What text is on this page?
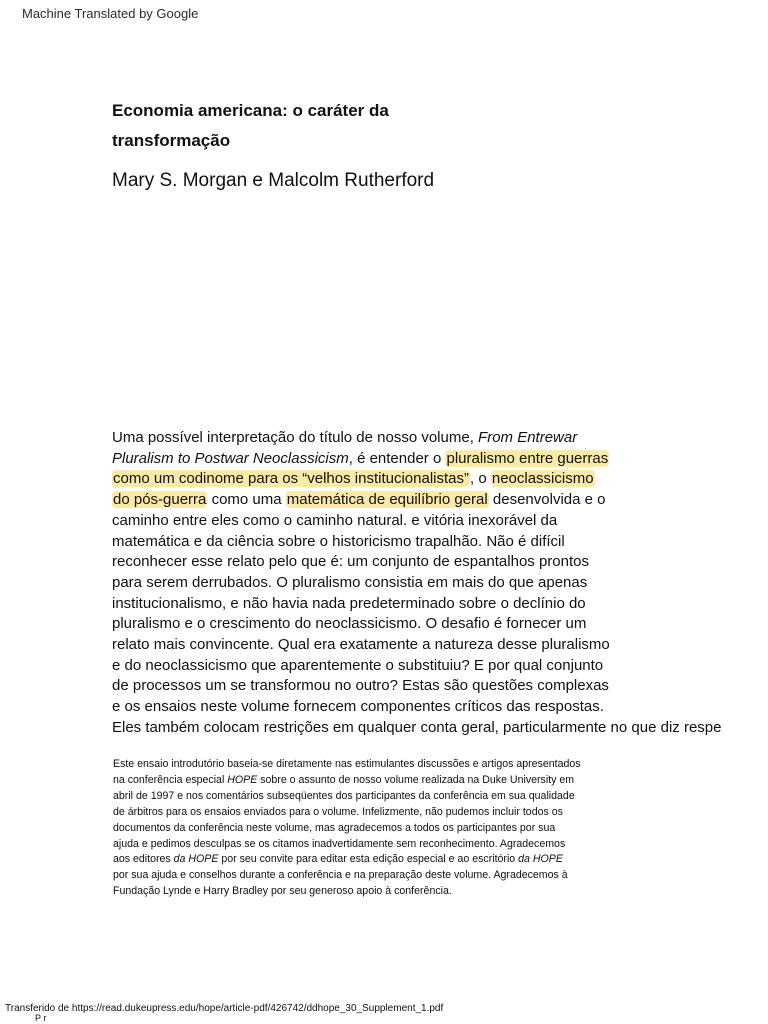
Machine Translated by Google
Economia americana: o caráter da
transformação
Mary S. Morgan e Malcolm Rutherford
Uma possível interpretação do título de nosso volume, From Entrewar
Pluralism to Postwar Neoclassicism, é entender o pluralismo entre guerras
como um codinome para os “velhos institucionalistas”, o neoclassicismo
do pós-guerra como uma matemática de equilíbrio geral desenvolvida e o
caminho entre eles como o caminho natural. e vitória inexorável da
matemática e da ciência sobre o historicismo trapalhão. Não é difícil
reconhecer esse relato pelo que é: um conjunto de espantalhos prontos
para serem derrubados. O pluralismo consistia em mais do que apenas
institucionalismo, e não havia nada predeterminado sobre o declínio do
pluralismo e o crescimento do neoclassicismo. O desafio é fornecer um
relato mais convincente. Qual era exatamente a natureza desse pluralismo
e do neoclassicismo que aparentemente o substituiu? E por qual conjunto
de processos um se transformou no outro? Estas são questões complexas
e os ensaios neste volume fornecem componentes críticos das respostas.
Eles também colocam restrições em qualquer conta geral, particularmente no que diz respe
Este ensaio introdutório baseia-se diretamente nas estimulantes discussões e artigos apresentados
na conferência especial HOPE sobre o assunto de nosso volume realizada na Duke University em
abril de 1997 e nos comentários subseqüentes dos participantes da conferência em sua qualidade
de árbitros para os ensaios enviados para o volume. Infelizmente, não pudemos incluir todos os
documentos da conferência neste volume, mas agradecemos a todos os participantes por sua
ajuda e pedimos desculpas se os citamos inadvertidamente sem reconhecimento. Agradecemos
aos editores da HOPE por seu convite para editar esta edição especial e ao escritório da HOPE
por sua ajuda e conselhos durante a conferência e na preparação deste volume. Agradecemos à
Fundação Lynde e Harry Bradley por seu generoso apoio à conferência.
Transferido de https://read.dukeupress.edu/hope/article-pdf/426742/ddhope_30_Supplement_1.pdf
P r
